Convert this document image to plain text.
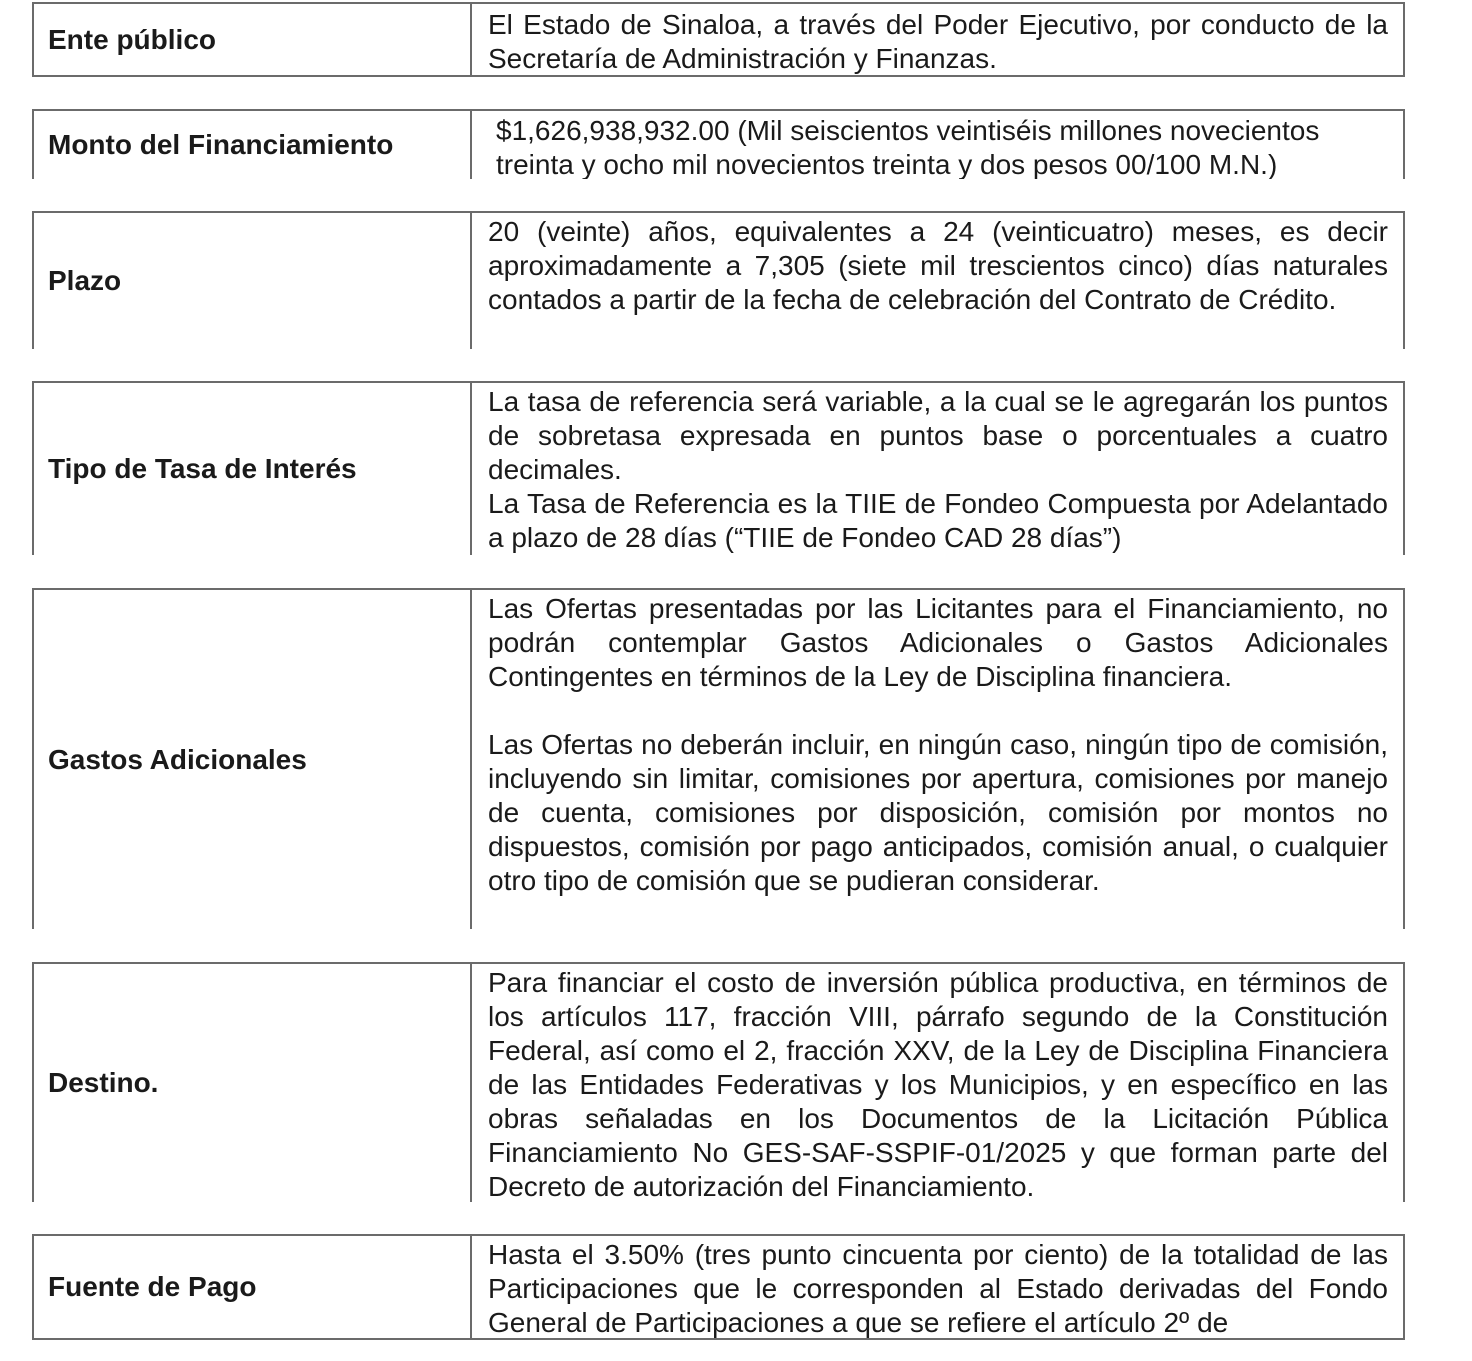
Ente público	El Estado de Sinaloa, a través del Poder Ejecutivo, por conducto de la Secretaría de Administración y Finanzas.

Monto del Financiamiento	$1,626,938,932.00 (Mil seiscientos veintiséis millones novecientos treinta y ocho mil novecientos treinta y dos pesos 00/100 M.N.)

Plazo

20 (veinte) años, equivalentes a 24 (veinticuatro) meses, es decir aproximadamente a 7,305 (siete mil trescientos cinco) días naturales contados a partir de la fecha de celebración del Contrato de Crédito.

Tipo de Tasa de Interés

La tasa de referencia será variable, a la cual se le agregarán los puntos de sobretasa expresada en puntos base o porcentuales a cuatro decimales.

La Tasa de Referencia es la TIIE de Fondeo Compuesta por Adelantado a plazo de 28 días (“TIIE de Fondeo CAD 28 días”)

Gastos Adicionales

Las Ofertas presentadas por las Licitantes para el Financiamiento, no podrán contemplar Gastos Adicionales o Gastos Adicionales Contingentes en términos de la Ley de Disciplina financiera.

Las Ofertas no deberán incluir, en ningún caso, ningún tipo de comisión, incluyendo sin limitar, comisiones por apertura, comisiones por manejo de cuenta, comisiones por disposición, comisión por montos no dispuestos, comisión por pago anticipados, comisión anual, o cualquier otro tipo de comisión que se pudieran considerar.

Destino.

Para financiar el costo de inversión pública productiva, en términos de los artículos 117, fracción VIII, párrafo segundo de la Constitución Federal, así como el 2, fracción XXV, de la Ley de Disciplina Financiera de las Entidades Federativas y los Municipios, y en específico en las obras señaladas en los Documentos de la Licitación Pública Financiamiento No GES-SAF-SSPIF-01/2025 y que forman parte del Decreto de autorización del Financiamiento.

Fuente de Pago

Hasta el 3.50% (tres punto cincuenta por ciento) de la totalidad de las Participaciones que le corresponden al Estado derivadas del Fondo General de Participaciones a que se refiere el artículo 2º de
